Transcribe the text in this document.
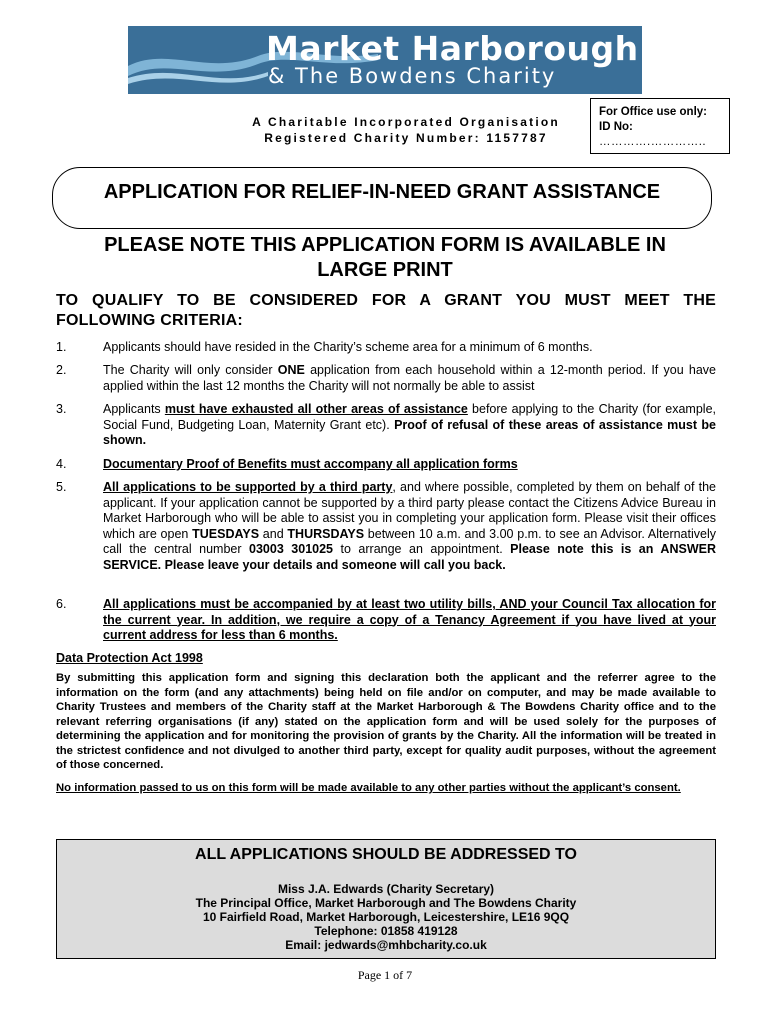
Market Harborough
& The Bowdens Charity
A Charitable Incorporated Organisation
Registered Charity Number: 1157787
For Office use only:
ID No:
………….…………..
APPLICATION FOR RELIEF-IN-NEED GRANT ASSISTANCE
PLEASE NOTE THIS APPLICATION FORM IS AVAILABLE IN
LARGE PRINT
TO QUALIFY TO BE CONSIDERED FOR A GRANT YOU MUST MEET THE FOLLOWING CRITERIA:
1.	Applicants should have resided in the Charity’s scheme area for a minimum of 6 months.
2.	The Charity will only consider ONE application from each household within a 12-month period. If you have applied within the last 12 months the Charity will not normally be able to assist
3.	Applicants must have exhausted all other areas of assistance before applying to the Charity (for example, Social Fund, Budgeting Loan, Maternity Grant etc). Proof of refusal of these areas of assistance must be shown.
4.	Documentary Proof of Benefits must accompany all application forms
5.	All applications to be supported by a third party, and where possible, completed by them on behalf of the applicant. If your application cannot be supported by a third party please contact the Citizens Advice Bureau in Market Harborough who will be able to assist you in completing your application form. Please visit their offices which are open TUESDAYS and THURSDAYS between 10 a.m. and 3.00 p.m. to see an Advisor. Alternatively call the central number 03003 301025 to arrange an appointment. Please note this is an ANSWER SERVICE. Please leave your details and someone will call you back.
6.	All applications must be accompanied by at least two utility bills, AND your Council Tax allocation for the current year. In addition, we require a copy of a Tenancy Agreement if you have lived at your current address for less than 6 months.
Data Protection Act 1998
By submitting this application form and signing this declaration both the applicant and the referrer agree to the information on the form (and any attachments) being held on file and/or on computer, and may be made available to Charity Trustees and members of the Charity staff at the Market Harborough & The Bowdens Charity office and to the relevant referring organisations (if any) stated on the application form and will be used solely for the purposes of determining the application and for monitoring the provision of grants by the Charity. All the information will be treated in the strictest confidence and not divulged to another third party, except for quality audit purposes, without the agreement of those concerned.
No information passed to us on this form will be made available to any other parties without the applicant’s consent.
ALL APPLICATIONS SHOULD BE ADDRESSED TO
Miss J.A. Edwards (Charity Secretary)
The Principal Office, Market Harborough and The Bowdens Charity
10 Fairfield Road, Market Harborough, Leicestershire, LE16 9QQ
Telephone: 01858 419128
Email: jedwards@mhbcharity.co.uk
Page 1 of 7
